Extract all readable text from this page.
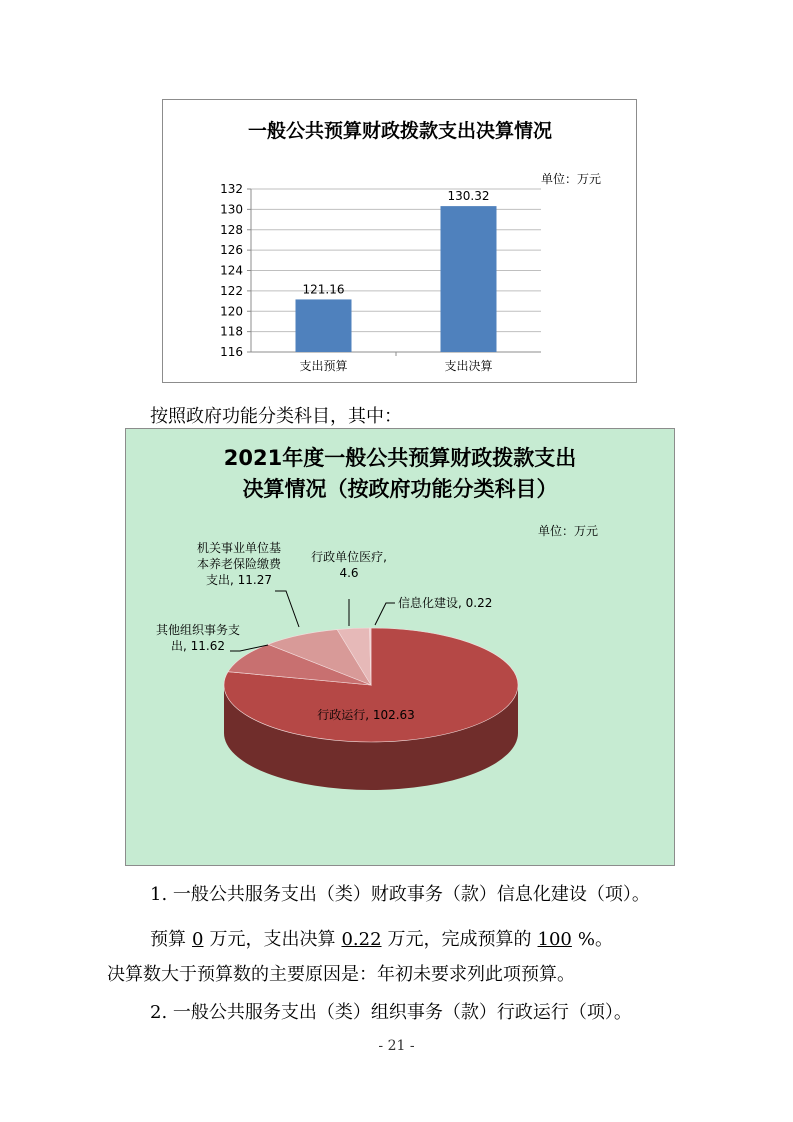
一般公共预算财政拨款支出决算情况
单位：万元
116
118
120
122
124
126
128
130
132
121.16
130.32
支出预算	支出决算
按照政府功能分类科目，其中：
2021年度一般公共预算财政拨款支出
决算情况（按政府功能分类科目）
单位：万元
行政运行, 102.63
其他组织事务支
出, 11.62
机关事业单位基
本养老保险缴费
支出, 11.27
行政单位医疗,
4.6
信息化建设, 0.22
1. 一般公共服务支出（类）财政事务（款）信息化建设（项）。
预算 0 万元，支出决算 0.22 万元，完成预算的 100 %。
决算数大于预算数的主要原因是：年初未要求列此项预算。
2. 一般公共服务支出（类）组织事务（款）行政运行（项）。
- 21 -
